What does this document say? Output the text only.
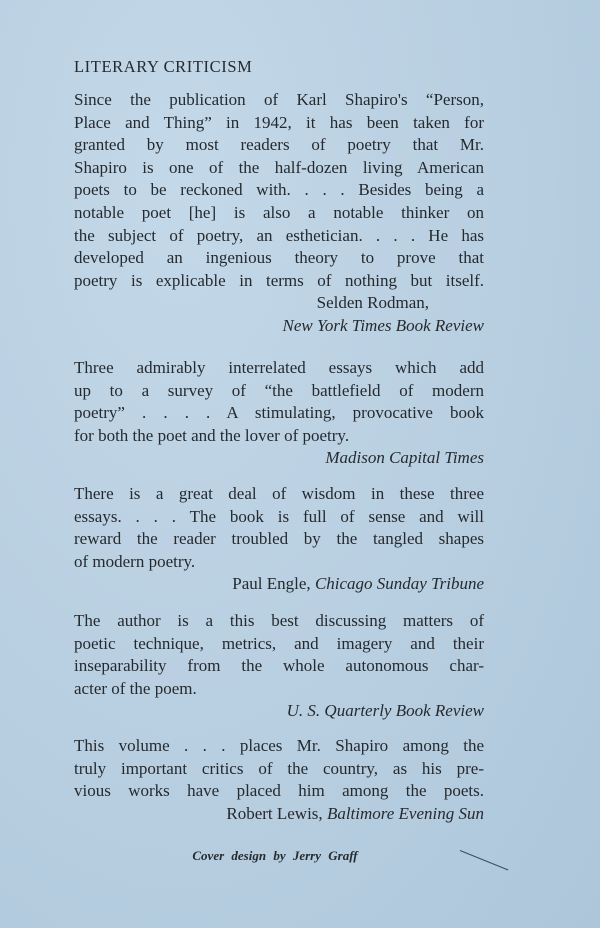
LITERARY CRITICISM
Since the publication of Karl Shapiro's “Person,
Place and Thing” in 1942, it has been taken for
granted by most readers of poetry that Mr.
Shapiro is one of the half-dozen living American
poets to be reckoned with. . . . Besides being a
notable poet [he] is also a notable thinker on
the subject of poetry, an esthetician. . . . He has
developed an ingenious theory to prove that
poetry is explicable in terms of nothing but itself.
Selden Rodman,
New York Times Book Review
Three admirably interrelated essays which add
up to a survey of “the battlefield of modern
poetry” . . . . A stimulating, provocative book
for both the poet and the lover of poetry.
Madison Capital Times
There is a great deal of wisdom in these three
essays. . . . The book is full of sense and will
reward the reader troubled by the tangled shapes
of modern poetry.
Paul Engle, Chicago Sunday Tribune
The author is a this best discussing matters of
poetic technique, metrics, and imagery and their
inseparability from the whole autonomous char-
acter of the poem.
U. S. Quarterly Book Review
This volume . . . places Mr. Shapiro among the
truly important critics of the country, as his pre-
vious works have placed him among the poets.
Robert Lewis, Baltimore Evening Sun
Cover design by Jerry Graff
